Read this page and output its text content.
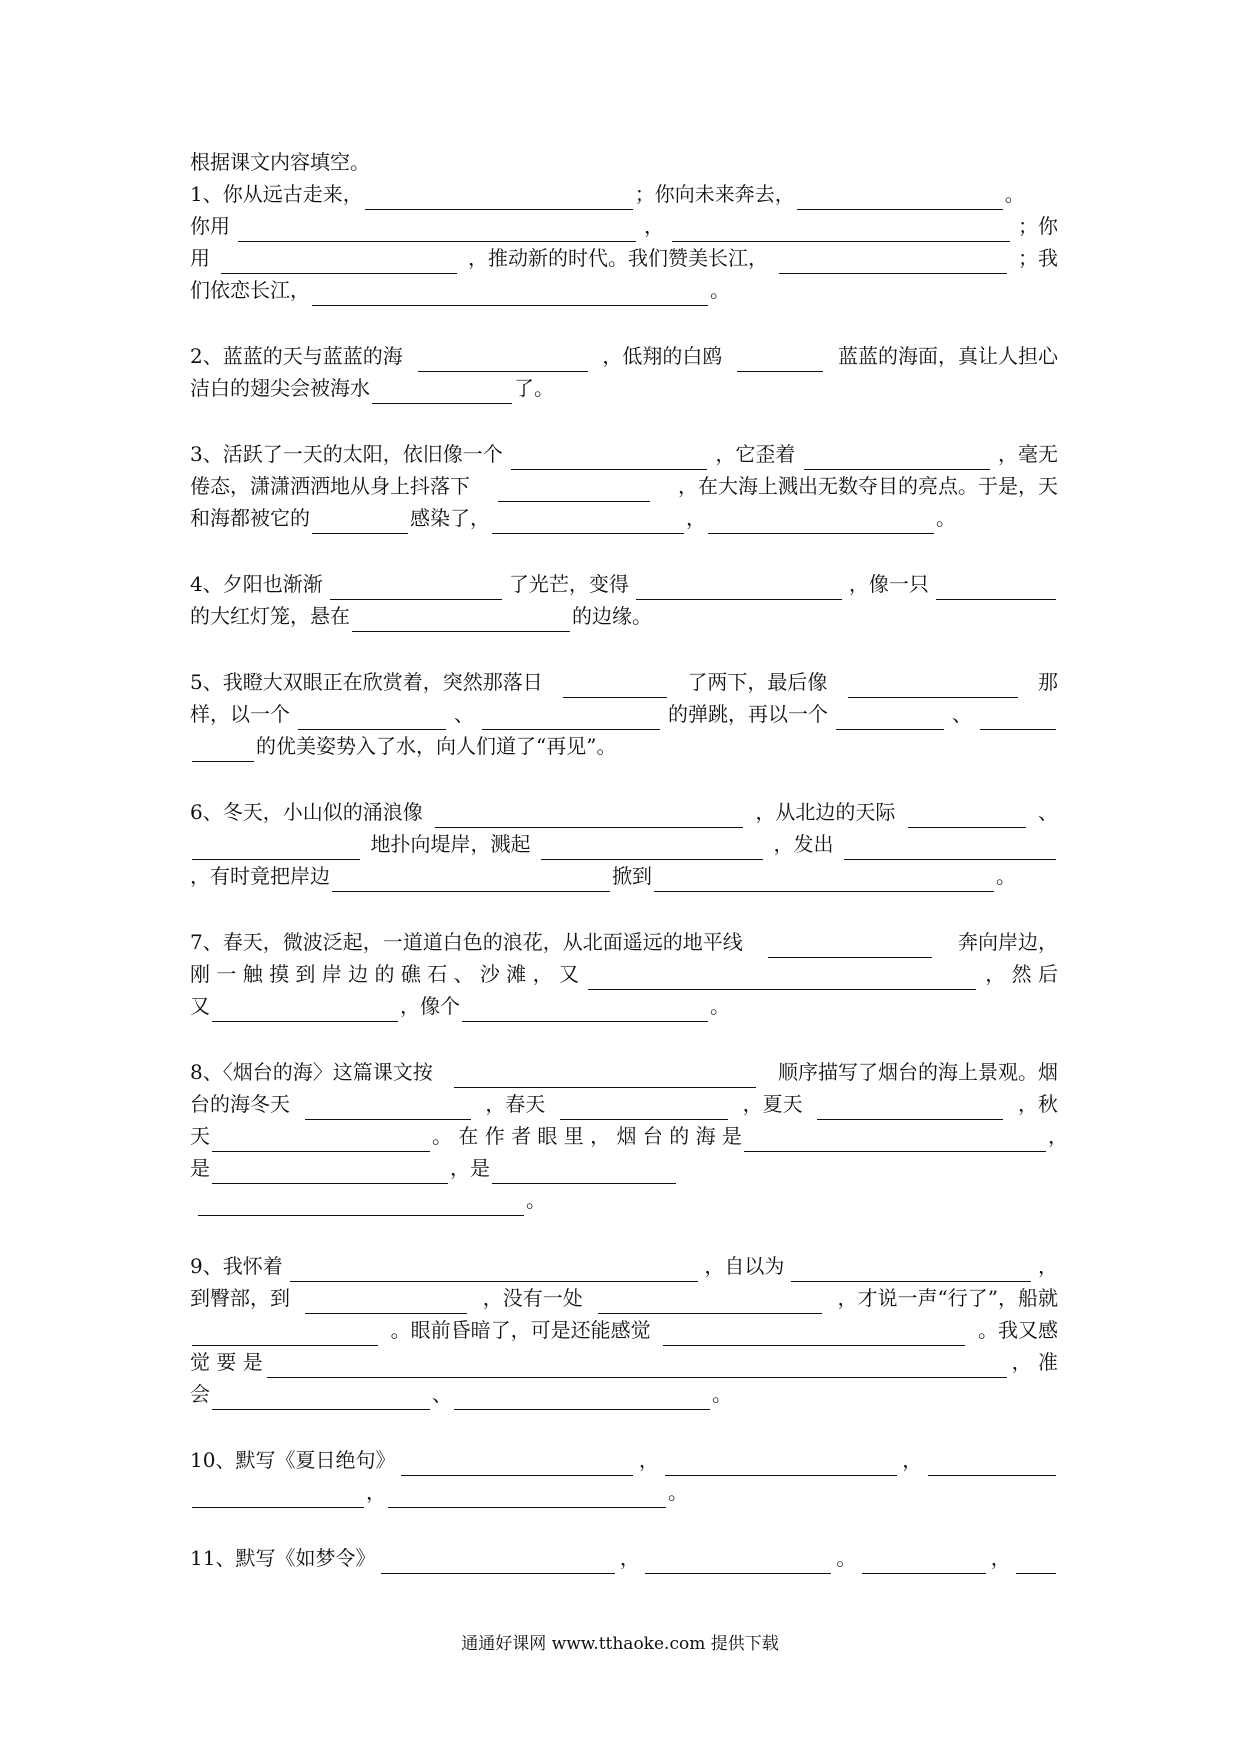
根据课文内容填空。
1、你从远古走来，	；你向未来奔去，	。
你用	，	；你
用	，推动新的时代。我们赞美长江，	；我
们依恋长江，	。
2、蓝蓝的天与蓝蓝的海	，低翔的白鸥	蓝蓝的海面，真让人担心
洁白的翅尖会被海水	了。
3、活跃了一天的太阳，依旧像一个	，它歪着	，毫无
倦态，潇潇洒洒地从身上抖落下	，在大海上溅出无数夺目的亮点。于是，天
和海都被它的	感染了，	，	。
4、夕阳也渐渐	了光芒，变得	，像一只
的大红灯笼，悬在	的边缘。
5、我瞪大双眼正在欣赏着，突然那落日	了两下，最后像	那
样，以一个	、	的弹跳，再以一个	、
的优美姿势入了水，向人们道了“再见”。
6、冬天，小山似的涌浪像	，从北边的天际	、
地扑向堤岸，溅起	，发出
，有时竟把岸边	掀到	。
7、春天，微波泛起，一道道白色的浪花，从北面遥远的地平线	奔向岸边，
刚 一 触 摸 到 岸 边 的 礁 石 、 沙 滩 ， 又	， 然 后
又	，像个	。
8、〈烟台的海〉这篇课文按	顺序描写了烟台的海上景观。烟
台的海冬天	，春天	，夏天	，秋
天	。 在 作 者 眼 里 ， 烟 台 的 海 是	，
是	，是
。
9、我怀着	，自以为	，
到臀部，到	，没有一处	，才说一声“行了”，船就
。眼前昏暗了，可是还能感觉	。我又感
觉 要 是	， 准
会	、	。
10、默写《夏日绝句》	，	，
，	。
11、默写《如梦令》	，	。	，
通通好课网 www.tthaoke.com 提供下载
